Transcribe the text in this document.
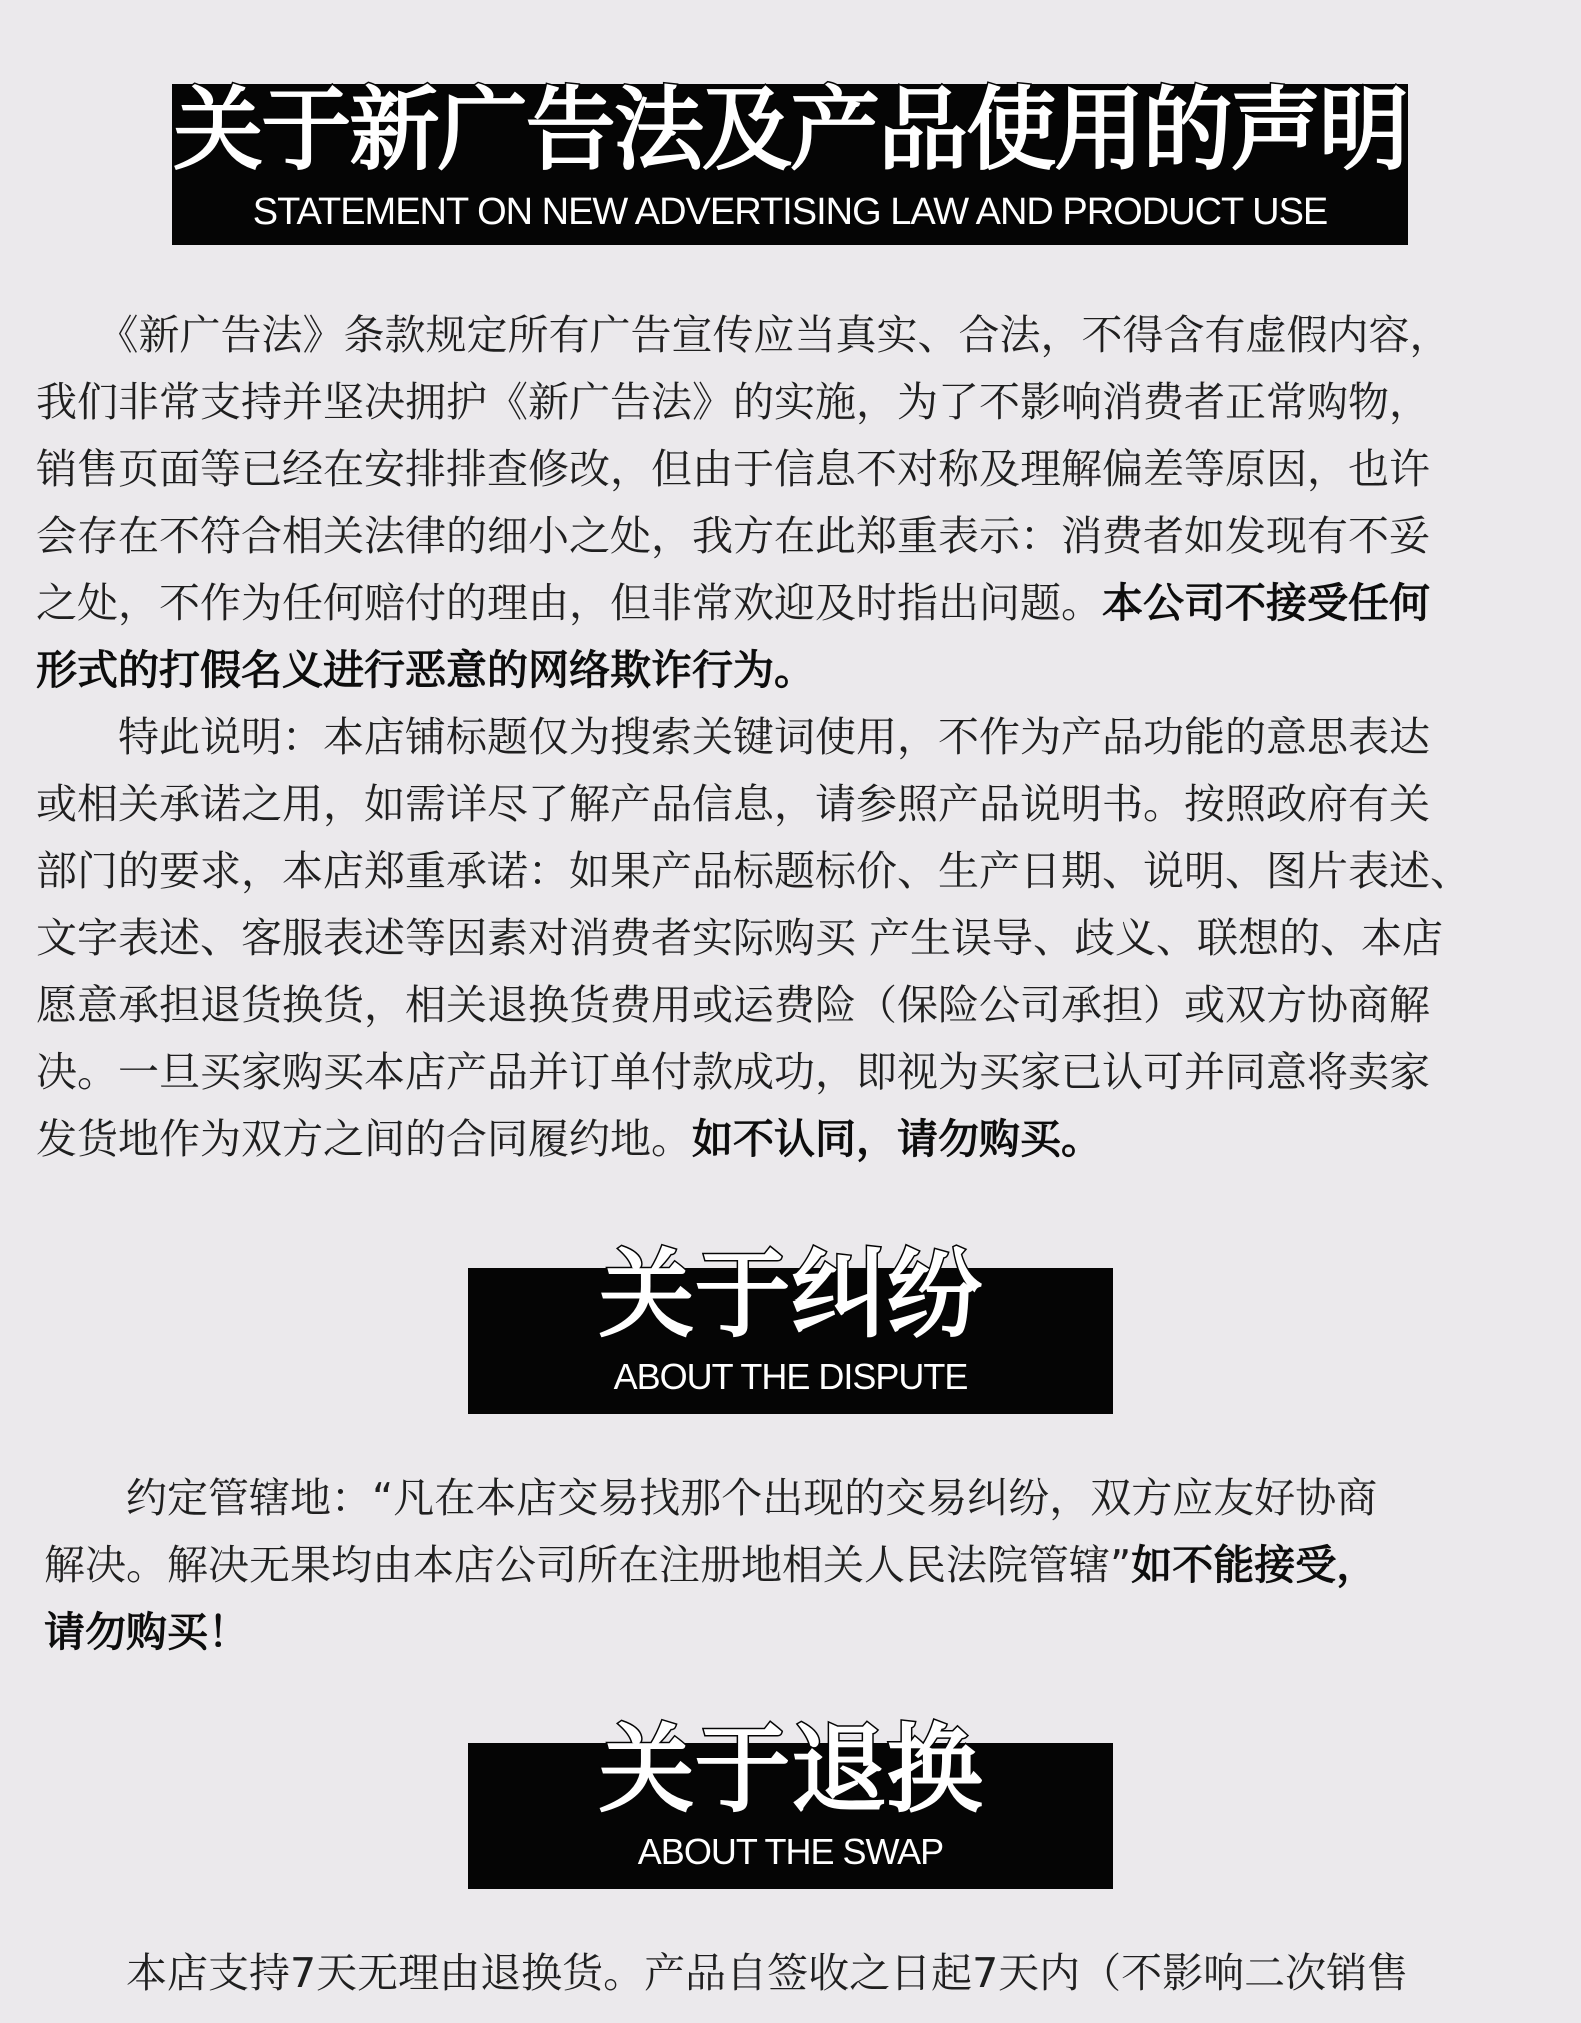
关于新广告法及产品使用的声明
STATEMENT ON NEW ADVERTISING LAW AND PRODUCT USE
　　《新广告法》条款规定所有广告宣传应当真实、合法，不得含有虚假内容，
我们非常支持并坚决拥护《新广告法》的实施，为了不影响消费者正常购物，
销售页面等已经在安排排查修改，但由于信息不对称及理解偏差等原因，也许
会存在不符合相关法律的细小之处，我方在此郑重表示：消费者如发现有不妥
之处，不作为任何赔付的理由，但非常欢迎及时指出问题。本公司不接受任何
形式的打假名义进行恶意的网络欺诈行为。
　　特此说明：本店铺标题仅为搜索关键词使用，不作为产品功能的意思表达
或相关承诺之用，如需详尽了解产品信息，请参照产品说明书。按照政府有关
部门的要求，本店郑重承诺：如果产品标题标价、生产日期、说明、图片表述、
文字表述、客服表述等因素对消费者实际购买 产生误导、歧义、联想的、本店
愿意承担退货换货，相关退换货费用或运费险（保险公司承担）或双方协商解
决。一旦买家购买本店产品并订单付款成功，即视为买家已认可并同意将卖家
发货地作为双方之间的合同履约地。如不认同，请勿购买。
关于纠纷
ABOUT THE DISPUTE
　　约定管辖地：“凡在本店交易找那个出现的交易纠纷，双方应友好协商
解决。解决无果均由本店公司所在注册地相关人民法院管辖”如不能接受，
请勿购买！
关于退换
ABOUT THE SWAP
　　本店支持7天无理由退换货。产品自签收之日起7天内（不影响二次销售
